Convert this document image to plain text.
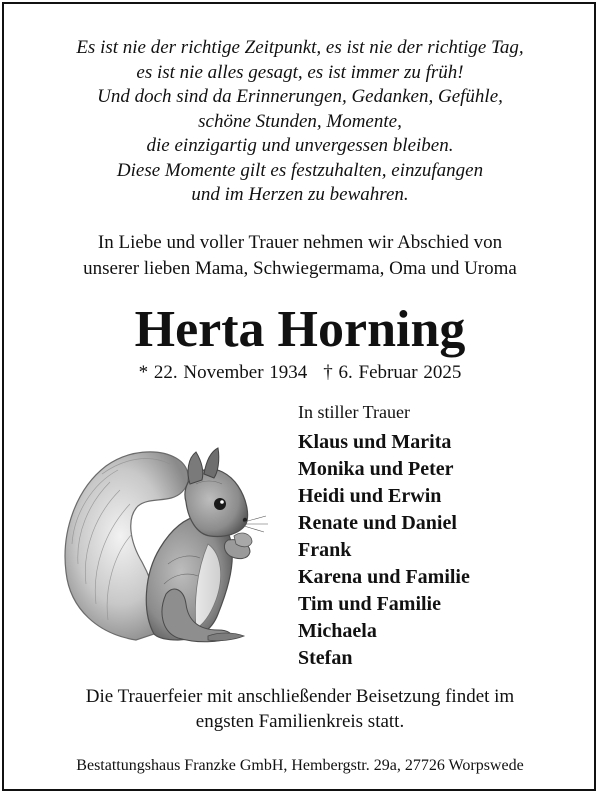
Es ist nie der richtige Zeitpunkt, es ist nie der richtige Tag,
es ist nie alles gesagt, es ist immer zu früh!
Und doch sind da Erinnerungen, Gedanken, Gefühle,
schöne Stunden, Momente,
die einzigartig und unvergessen bleiben.
Diese Momente gilt es festzuhalten, einzufangen
und im Herzen zu bewahren.
In Liebe und voller Trauer nehmen wir Abschied von
unserer lieben Mama, Schwiegermama, Oma und Uroma
Herta Horning
* 22. November 1934 † 6. Februar 2025
In stiller Trauer
Klaus und Marita
Monika und Peter
Heidi und Erwin
Renate und Daniel
Frank
Karena und Familie
Tim und Familie
Michaela
Stefan
Die Trauerfeier mit anschließender Beisetzung findet im
engsten Familienkreis statt.
Bestattungshaus Franzke GmbH, Hembergstr. 29a, 27726 Worpswede
